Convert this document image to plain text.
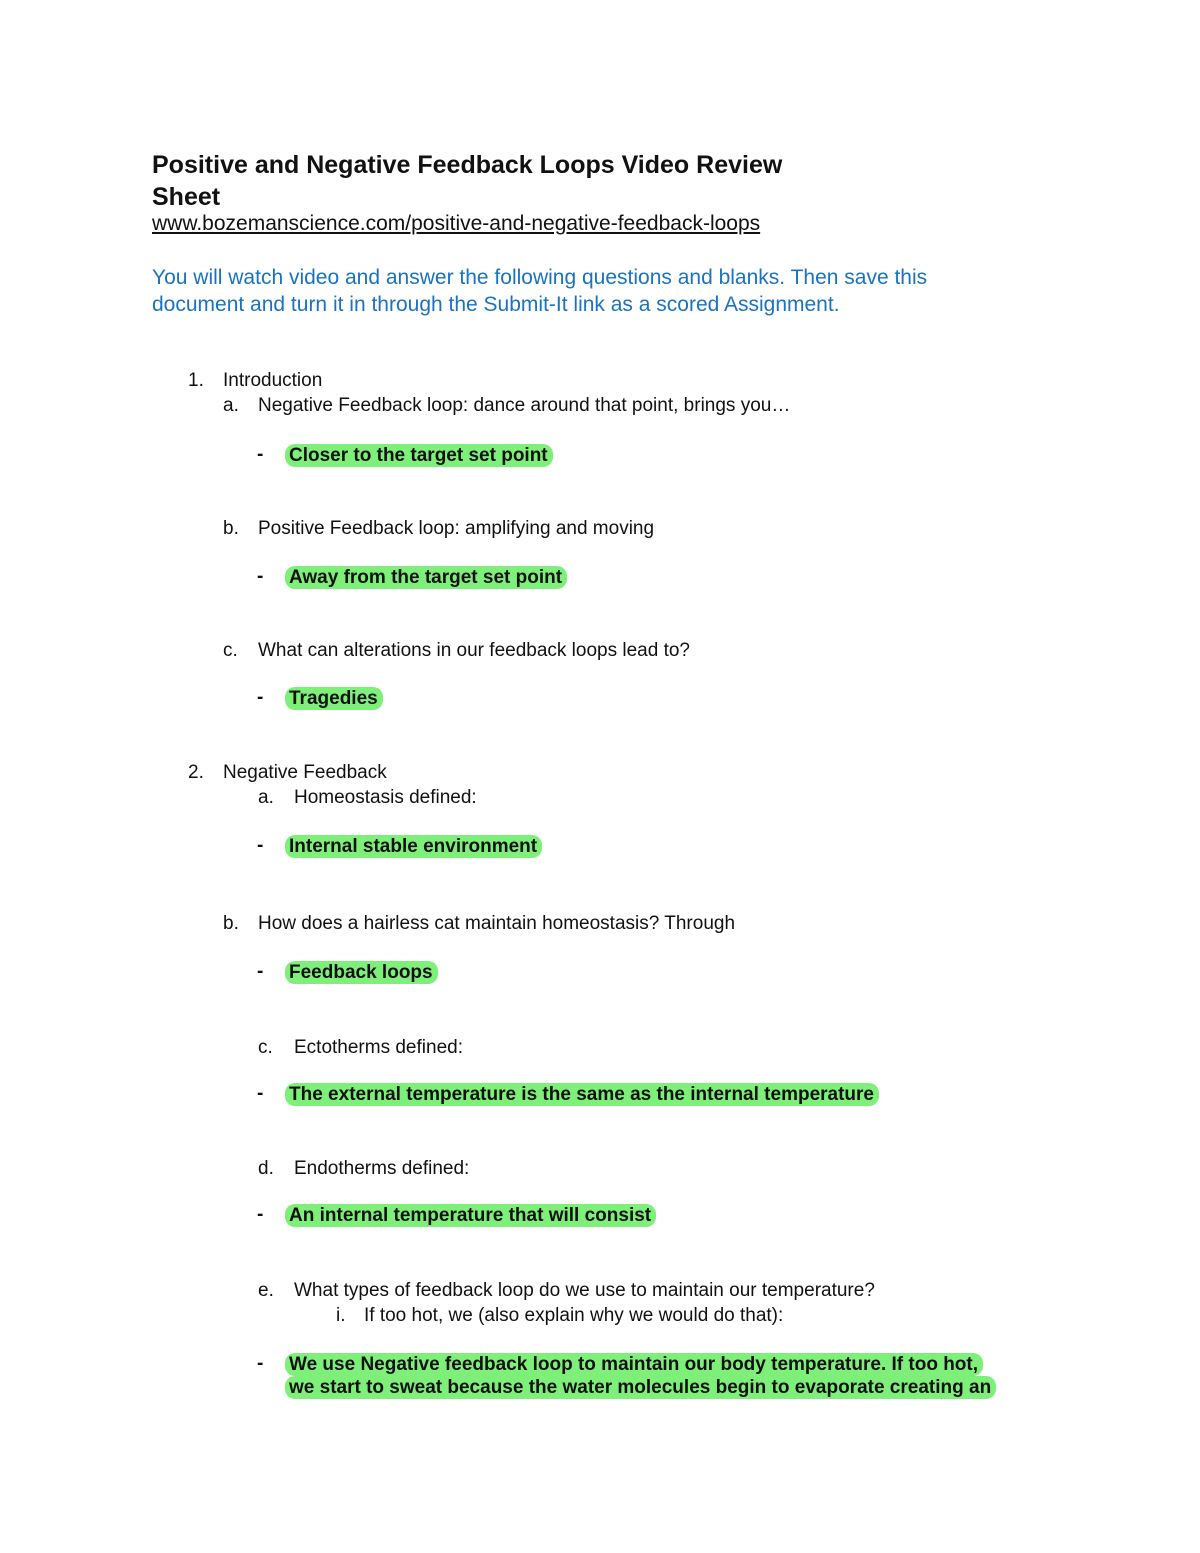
Positive and Negative Feedback Loops Video Review
Sheet
www.bozemanscience.com/positive-and-negative-feedback-loops
You will watch video and answer the following questions and blanks. Then save this
document and turn it in through the Submit-It link as a scored Assignment.
1. Introduction
a. Negative Feedback loop: dance around that point, brings you…
- Closer to the target set point
b. Positive Feedback loop: amplifying and moving
- Away from the target set point
c. What can alterations in our feedback loops lead to?
- Tragedies
2. Negative Feedback
a. Homeostasis defined:
- Internal stable environment
b. How does a hairless cat maintain homeostasis? Through
- Feedback loops
c. Ectotherms defined:
- The external temperature is the same as the internal temperature
d. Endotherms defined:
- An internal temperature that will consist
e. What types of feedback loop do we use to maintain our temperature?
i. If too hot, we (also explain why we would do that):
- We use Negative feedback loop to maintain our body temperature. If too hot,
we start to sweat because the water molecules begin to evaporate creating an
